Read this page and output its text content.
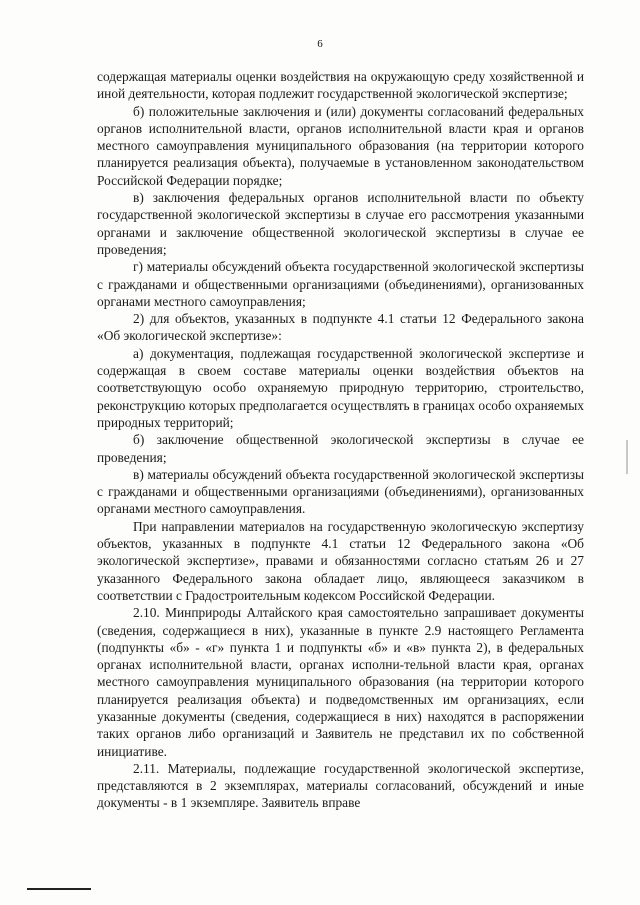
6

содержащая материалы оценки воздействия на окружающую среду хозяйственной и иной деятельности, которая подлежит государственной экологической экспертизе;

б) положительные заключения и (или) документы согласований федеральных органов исполнительной власти, органов исполнительной власти края и органов местного самоуправления муниципального образования (на территории которого планируется реализация объекта), получаемые в установленном законодательством Российской Федерации порядке;

в) заключения федеральных органов исполнительной власти по объекту государственной экологической экспертизы в случае его рассмотрения указанными органами и заключение общественной экологической экспертизы в случае ее проведения;

г) материалы обсуждений объекта государственной экологической экспертизы с гражданами и общественными организациями (объединениями), организованных органами местного самоуправления;

2) для объектов, указанных в подпункте 4.1 статьи 12 Федерального закона «Об экологической экспертизе»:

а) документация, подлежащая государственной экологической экспертизе и содержащая в своем составе материалы оценки воздействия объектов на соответствующую особо охраняемую природную территорию, строительство, реконструкцию которых предполагается осуществлять в границах особо охраняемых природных территорий;

б) заключение общественной экологической экспертизы в случае ее проведения;

в) материалы обсуждений объекта государственной экологической экспертизы с гражданами и общественными организациями (объединениями), организованных органами местного самоуправления.

При направлении материалов на государственную экологическую экспертизу объектов, указанных в подпункте 4.1 статьи 12 Федерального закона «Об экологической экспертизе», правами и обязанностями согласно статьям 26 и 27 указанного Федерального закона обладает лицо, являющееся заказчиком в соответствии с Градостроительным кодексом Российской Федерации.

2.10. Минприроды Алтайского края самостоятельно запрашивает документы (сведения, содержащиеся в них), указанные в пункте 2.9 настоящего Регламента (подпункты «б» - «г» пункта 1 и подпункты «б» и «в» пункта 2), в федеральных органах исполнительной власти, органах исполни-тельной власти края, органах местного самоуправления муниципального образования (на территории которого планируется реализация объекта) и подведомственных им организациях, если указанные документы (сведения, содержащиеся в них) находятся в распоряжении таких органов либо организаций и Заявитель не представил их по собственной инициативе.

2.11. Материалы, подлежащие государственной экологической экспертизе, представляются в 2 экземплярах, материалы согласований, обсуждений и иные документы - в 1 экземпляре. Заявитель вправе
